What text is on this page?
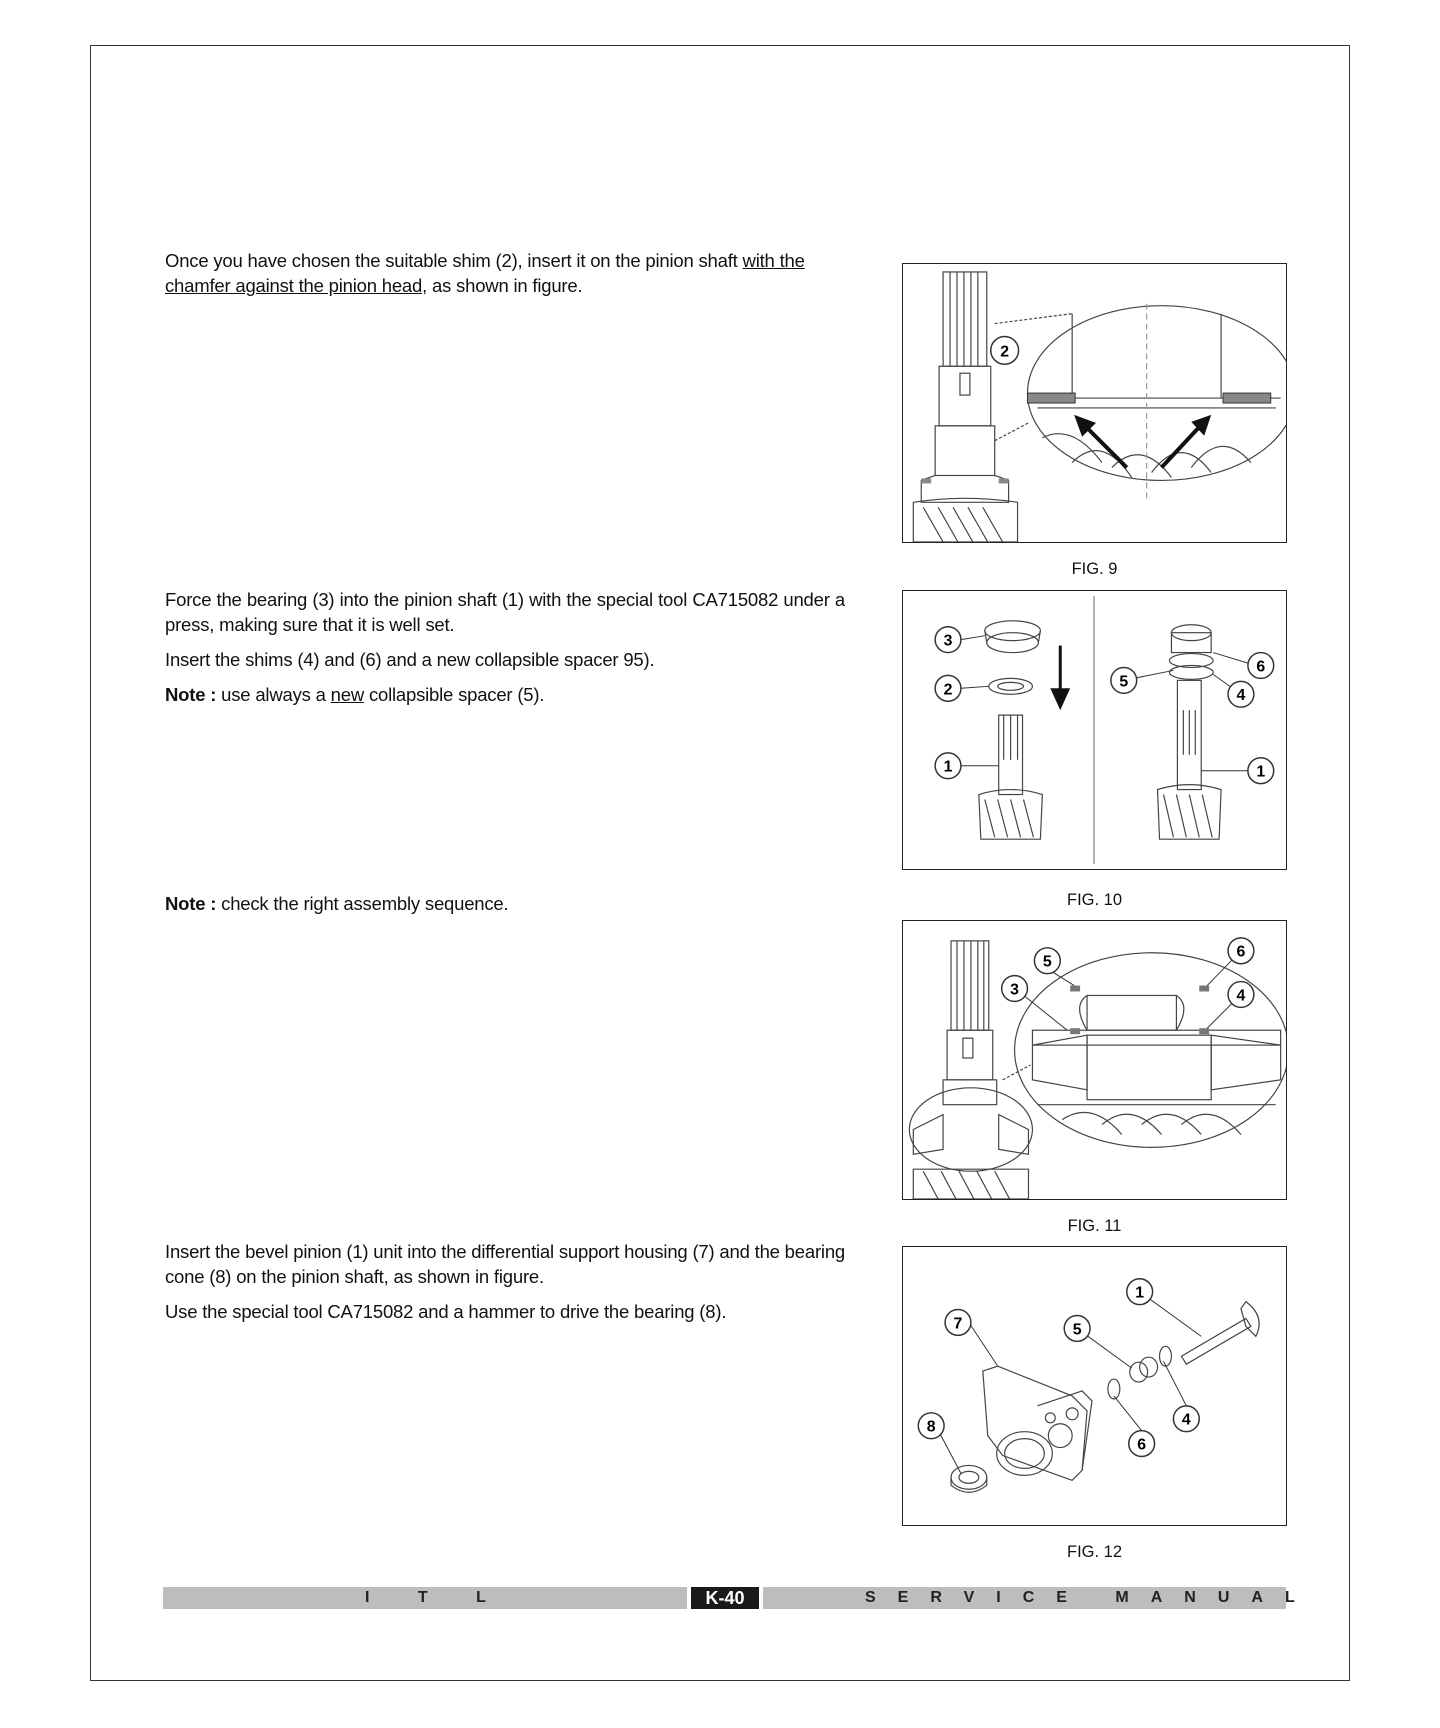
Once you have chosen the suitable shim (2), insert it on the pinion shaft with the chamfer against the pinion head, as shown in figure.

Force the bearing (3) into the pinion shaft (1) with the special tool CA715082 under a press, making sure that it is well set.

Insert the shims (4) and (6) and a new collapsible spacer 95).

Note : use always a new collapsible spacer (5).

Note : check the right assembly sequence.

Insert the bevel pinion (1) unit into the differential support housing (7) and the bearing cone (8) on the pinion shaft, as shown in figure.

Use the special tool CA715082 and a hammer to drive the bearing (8).

2
FIG. 9
3
2
1
5
6
4
1
FIG. 10
5
6
3	4
FIG. 11
1
7	5
8	4
6
FIG. 12
I T L	K-40	SERVICE MANUAL
